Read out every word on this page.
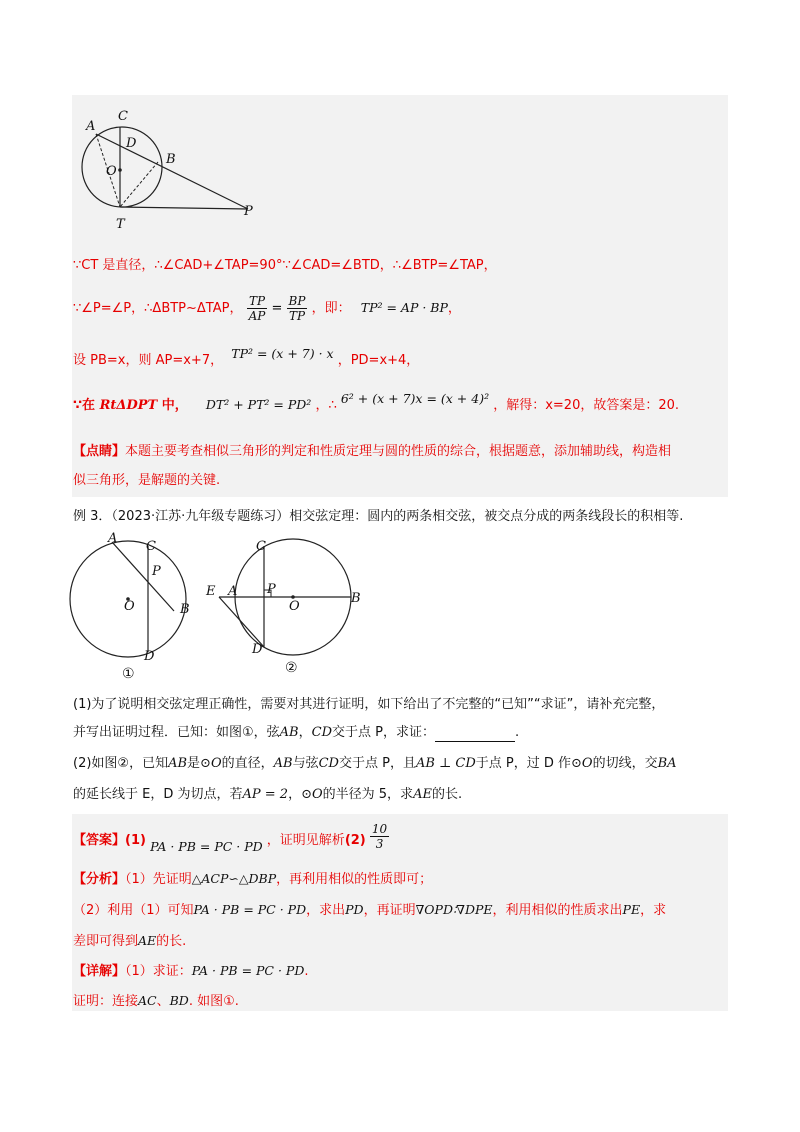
A
C
D
O
B
T
P
∵CT 是直径，∴∠CAD+∠TAP=90°∵∠CAD=∠BTD，∴∠BTP=∠TAP，
∵∠P=∠P，∴ΔBTP~ΔTAP， $\frac{TP}{AP} = \frac{BP}{TP}$ ，即： TP² = AP · BP，
设 PB=x，则 AP=x+7， TP² = (x + 7) · x ，PD=x+4，
∵在 RtΔDPT 中， DT² + PT² = PD² ，∴ 6² + (x + 7)x = (x + 4)² ，解得：x=20，故答案是：20.
【点睛】本题主要考查相似三角形的判定和性质定理与圆的性质的综合，根据题意，添加辅助线，构造相
似三角形，是解题的关键.
例 3．（2023·江苏·九年级专题练习）相交弦定理：圆内的两条相交弦，被交点分成的两条线段长的积相等.
A
C
P
O	B
D
①
C
E A P
O
B
D
②
(1)为了说明相交弦定理正确性，需要对其进行证明，如下给出了不完整的“已知”“求证”，请补充完整，
并写出证明过程．已知：如图①，弦AB，CD交于点 P，求证：	.
(2)如图②，已知AB是⊙O的直径，AB与弦CD交于点 P，且AB ⊥ CD于点 P，过 D 作⊙O的切线，交BA
的延长线于 E，D 为切点，若AP = 2，⊙O的半径为 5，求AE的长.
【答案】(1) PA · PB = PC · PD ，证明见解析$(2) \frac{10}{3}$
【分析】（1）先证明△ACP∽△DBP，再利用相似的性质即可；
（2）利用（1）可知PA · PB = PC · PD，求出PD，再证明∇OPD∶∇DPE，利用相似的性质求出PE，求
差即可得到AE的长.
【详解】（1）求证：PA · PB = PC · PD.
证明：连接AC、BD. 如图①.
